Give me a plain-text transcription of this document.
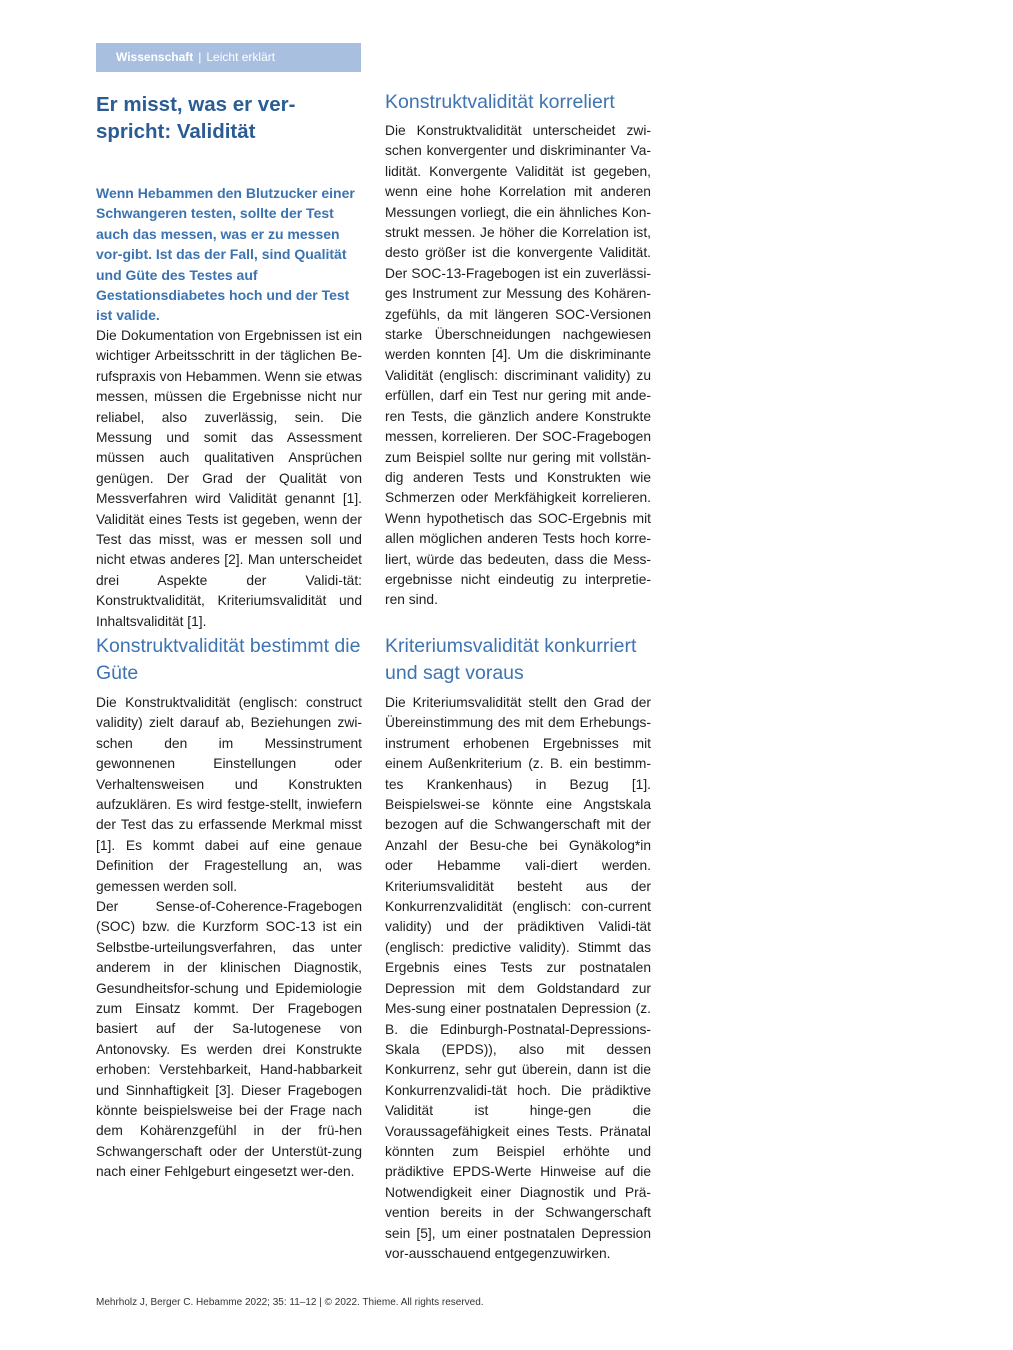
Wissenschaft | Leicht erklärt
Er misst, was er ver-spricht: Validität

Wenn Hebammen den Blutzucker einer Schwangeren testen, sollte der Test auch das messen, was er zu messen vor-gibt. Ist das der Fall, sind Qualität und Güte des Testes auf Gestationsdiabetes hoch und der Test ist valide.

Die Dokumentation von Ergebnissen ist ein wichtiger Arbeitsschritt in der täglichen Be-rufspraxis von Hebammen. Wenn sie etwas messen, müssen die Ergebnisse nicht nur reliabel, also zuverlässig, sein. Die Messung und somit das Assessment müssen auch qualitativen Ansprüchen genügen. Der Grad der Qualität von Messverfahren wird Validität genannt [1]. Validität eines Tests ist gegeben, wenn der Test das misst, was er messen soll und nicht etwas anderes [2]. Man unterscheidet drei Aspekte der Validi-tät: Konstruktvalidität, Kriteriumsvalidität und Inhaltsvalidität [1].

Konstruktvalidität bestimmt die Güte

Die Konstruktvalidität (englisch: construct validity) zielt darauf ab, Beziehungen zwi-schen den im Messinstrument gewonnenen Einstellungen oder Verhaltensweisen und Konstrukten aufzuklären. Es wird festge-stellt, inwiefern der Test das zu erfassende Merkmal misst [1]. Es kommt dabei auf eine genaue Definition der Fragestellung an, was gemessen werden soll.

Der Sense-of-Coherence-Fragebogen (SOC) bzw. die Kurzform SOC-13 ist ein Selbstbe-urteilungsverfahren, das unter anderem in der klinischen Diagnostik, Gesundheitsfor-schung und Epidemiologie zum Einsatz kommt. Der Fragebogen basiert auf der Sa-lutogenese von Antonovsky. Es werden drei Konstrukte erhoben: Verstehbarkeit, Hand-habbarkeit und Sinnhaftigkeit [3]. Dieser Fragebogen könnte beispielsweise bei der Frage nach dem Kohärenzgefühl in der frü-hen Schwangerschaft oder der Unterstüt-zung nach einer Fehlgeburt eingesetzt wer-den.

Konstruktvalidität korreliert

Die Konstruktvalidität unterscheidet zwi-schen konvergenter und diskriminanter Va-lidität. Konvergente Validität ist gegeben, wenn eine hohe Korrelation mit anderen Messungen vorliegt, die ein ähnliches Kon-strukt messen. Je höher die Korrelation ist, desto größer ist die konvergente Validität. Der SOC-13-Fragebogen ist ein zuverlässi-ges Instrument zur Messung des Kohären-zgefühls, da mit längeren SOC-Versionen starke Überschneidungen nachgewiesen werden konnten [4]. Um die diskriminante Validität (englisch: discriminant validity) zu erfüllen, darf ein Test nur gering mit ande-ren Tests, die gänzlich andere Konstrukte messen, korrelieren. Der SOC-Fragebogen zum Beispiel sollte nur gering mit vollstän-dig anderen Tests und Konstrukten wie Schmerzen oder Merkfähigkeit korrelieren. Wenn hypothetisch das SOC-Ergebnis mit allen möglichen anderen Tests hoch korre-liert, würde das bedeuten, dass die Mess-ergebnisse nicht eindeutig zu interpretie-ren sind.

Kriteriumsvalidität konkurriert und sagt voraus

Die Kriteriumsvalidität stellt den Grad der Übereinstimmung des mit dem Erhebungs-instrument erhobenen Ergebnisses mit einem Außenkriterium (z. B. ein bestimm-tes Krankenhaus) in Bezug [1]. Beispielswei-se könnte eine Angstskala bezogen auf die Schwangerschaft mit der Anzahl der Besu-che bei Gynäkolog*in oder Hebamme vali-diert werden. Kriteriumsvalidität besteht aus der Konkurrenzvalidität (englisch: con-current validity) und der prädiktiven Validi-tät (englisch: predictive validity). Stimmt das Ergebnis eines Tests zur postnatalen Depression mit dem Goldstandard zur Mes-sung einer postnatalen Depression (z. B. die Edinburgh-Postnatal-Depressions-Skala (EPDS)), also mit dessen Konkurrenz, sehr gut überein, dann ist die Konkurrenzvalidi-tät hoch. Die prädiktive Validität ist hinge-gen die Voraussagefähigkeit eines Tests. Pränatal könnten zum Beispiel erhöhte und prädiktive EPDS-Werte Hinweise auf die Notwendigkeit einer Diagnostik und Prä-vention bereits in der Schwangerschaft sein [5], um einer postnatalen Depression vor-ausschauend entgegenzuwirken.

Mehrholz J, Berger C. Hebamme 2022; 35: 11–12 | © 2022. Thieme. All rights reserved.
